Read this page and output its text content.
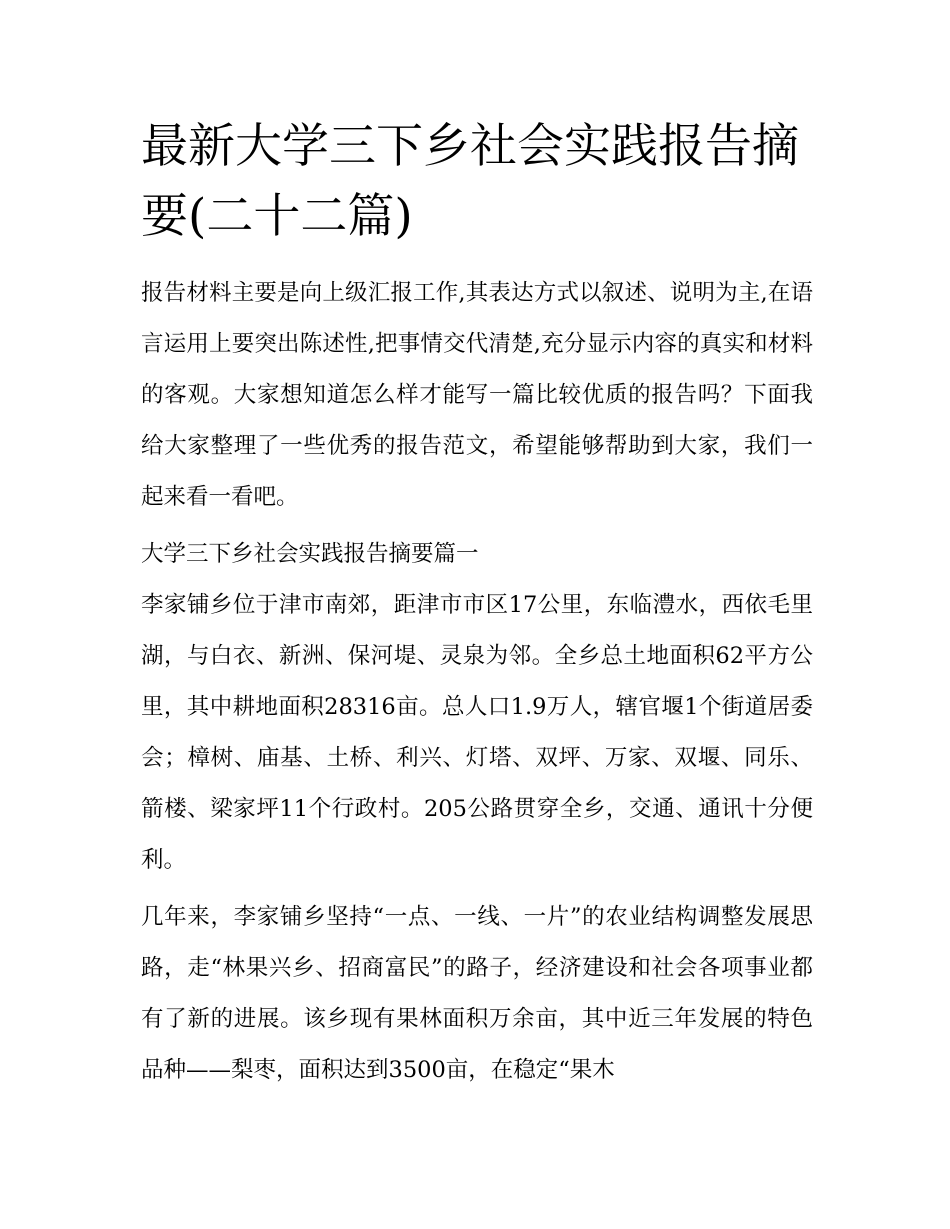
最新大学三下乡社会实践报告摘要(二十二篇)

报告材料主要是向上级汇报工作,其表达方式以叙述、说明为主,在语言运用上要突出陈述性,把事情交代清楚,充分显示内容的真实和材料的客观。大家想知道怎么样才能写一篇比较优质的报告吗？下面我给大家整理了一些优秀的报告范文，希望能够帮助到大家，我们一起来看一看吧。

大学三下乡社会实践报告摘要篇一

李家铺乡位于津市南郊，距津市市区17公里，东临澧水，西依毛里湖，与白衣、新洲、保河堤、灵泉为邻。全乡总土地面积62平方公里，其中耕地面积28316亩。总人口1.9万人，辖官堰1个街道居委会；樟树、庙基、土桥、利兴、灯塔、双坪、万家、双堰、同乐、箭楼、梁家坪11个行政村。205公路贯穿全乡，交通、通讯十分便利。

几年来，李家铺乡坚持“一点、一线、一片”的农业结构调整发展思路，走“林果兴乡、招商富民”的路子，经济建设和社会各项事业都有了新的进展。该乡现有果林面积万余亩，其中近三年发展的特色品种——梨枣，面积达到3500亩，在稳定“果木
